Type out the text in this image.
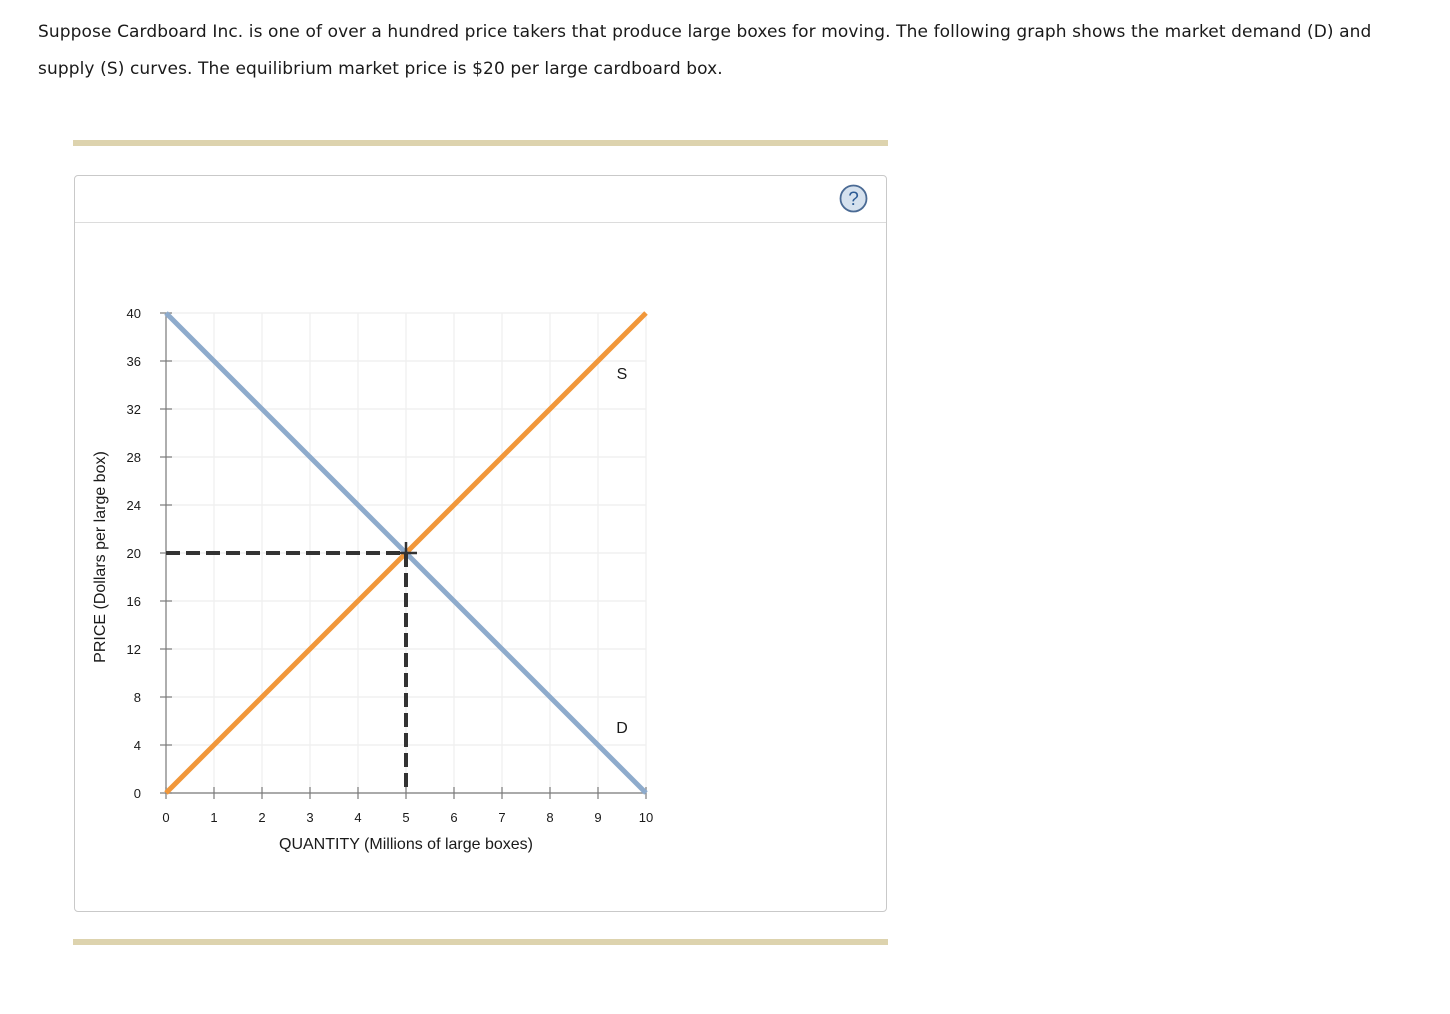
Suppose Cardboard Inc. is one of over a hundred price takers that produce large boxes for moving. The following graph shows the market demand (D) and supply (S) curves. The equilibrium market price is $20 per large cardboard box.
?
0	1	2	3	4	5	6	7	8	9	10
0
4
8
12
16
20
24
28
32
36
40
S
D
QUANTITY (Millions of large boxes)
PRICE (Dollars per large box)
